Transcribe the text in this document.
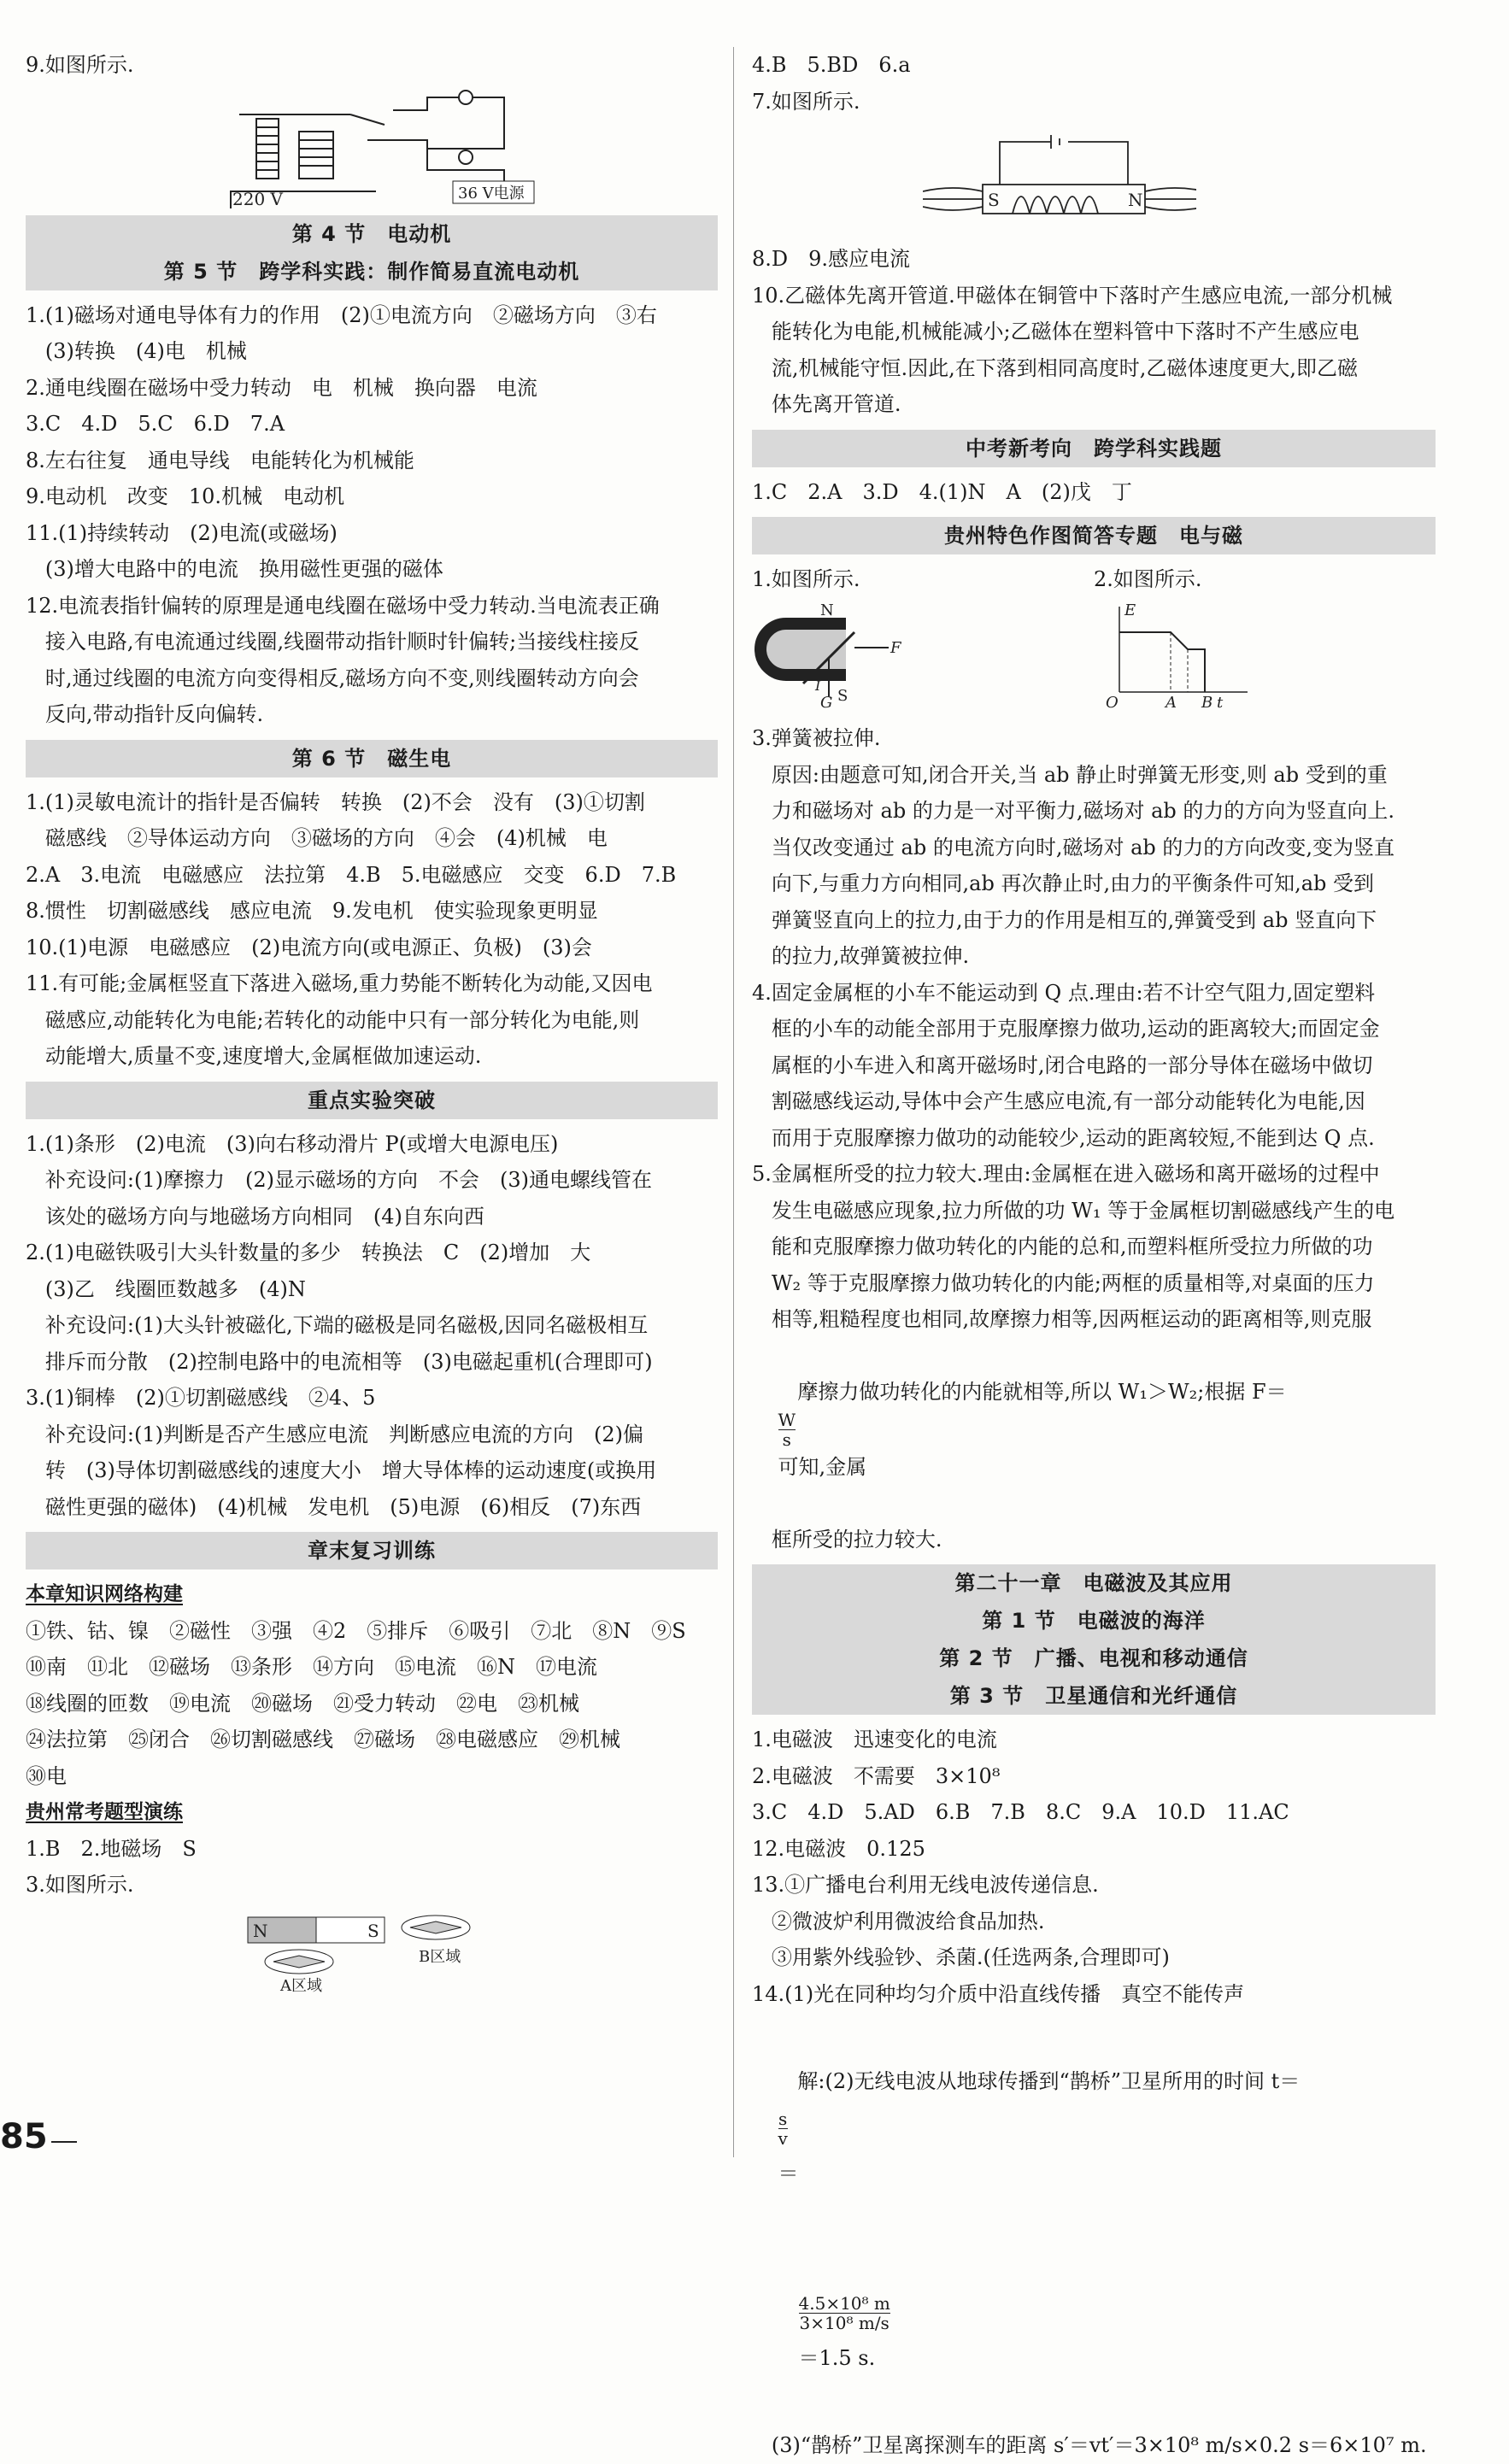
9.如图所示.
220 V	36 V电源
第 4 节　电动机
第 5 节　跨学科实践：制作简易直流电动机
1.(1)磁场对通电导体有力的作用　(2)①电流方向　②磁场方向　③右
(3)转换　(4)电　机械
2.通电线圈在磁场中受力转动　电　机械　换向器　电流
3.C　4.D　5.C　6.D　7.A
8.左右往复　通电导线　电能转化为机械能
9.电动机　改变　10.机械　电动机
11.(1)持续转动　(2)电流(或磁场)
(3)增大电路中的电流　换用磁性更强的磁体
12.电流表指针偏转的原理是通电线圈在磁场中受力转动.当电流表正确
接入电路,有电流通过线圈,线圈带动指针顺时针偏转;当接线柱接反
时,通过线圈的电流方向变得相反,磁场方向不变,则线圈转动方向会
反向,带动指针反向偏转.
第 6 节　磁生电
1.(1)灵敏电流计的指针是否偏转　转换　(2)不会　没有　(3)①切割
磁感线　②导体运动方向　③磁场的方向　④会　(4)机械　电
2.A　3.电流　电磁感应　法拉第　4.B　5.电磁感应　交变　6.D　7.B
8.惯性　切割磁感线　感应电流　9.发电机　使实验现象更明显
10.(1)电源　电磁感应　(2)电流方向(或电源正、负极)　(3)会
11.有可能;金属框竖直下落进入磁场,重力势能不断转化为动能,又因电
磁感应,动能转化为电能;若转化的动能中只有一部分转化为电能,则
动能增大,质量不变,速度增大,金属框做加速运动.
重点实验突破
1.(1)条形　(2)电流　(3)向右移动滑片 P(或增大电源电压)
补充设问:(1)摩擦力　(2)显示磁场的方向　不会　(3)通电螺线管在
该处的磁场方向与地磁场方向相同　(4)自东向西
2.(1)电磁铁吸引大头针数量的多少　转换法　C　(2)增加　大
(3)乙　线圈匝数越多　(4)N
补充设问:(1)大头针被磁化,下端的磁极是同名磁极,因同名磁极相互
排斥而分散　(2)控制电路中的电流相等　(3)电磁起重机(合理即可)
3.(1)铜棒　(2)①切割磁感线　②4、5
补充设问:(1)判断是否产生感应电流　判断感应电流的方向　(2)偏
转　(3)导体切割磁感线的速度大小　增大导体棒的运动速度(或换用
磁性更强的磁体)　(4)机械　发电机　(5)电源　(6)相反　(7)东西
章末复习训练
本章知识网络构建
①铁、钴、镍　②磁性　③强　④2　⑤排斥　⑥吸引　⑦北　⑧N　⑨S
⑩南　⑪北　⑫磁场　⑬条形　⑭方向　⑮电流　⑯N　⑰电流
⑱线圈的匝数　⑲电流　⑳磁场　㉑受力转动　㉒电　㉓机械
㉔法拉第　㉕闭合　㉖切割磁感线　㉗磁场　㉘电磁感应　㉙机械
㉚电
贵州常考题型演练
1.B　2.地磁场　S
3.如图所示.
N	S
B区域
A区域
4.B　5.BD　6.a
7.如图所示.
S	N
8.D　9.感应电流
10.乙磁体先离开管道.甲磁体在铜管中下落时产生感应电流,一部分机械
能转化为电能,机械能减小;乙磁体在塑料管中下落时不产生感应电
流,机械能守恒.因此,在下落到相同高度时,乙磁体速度更大,即乙磁
体先离开管道.
中考新考向　跨学科实践题
1.C　2.A　3.D　4.(1)N　A　(2)戊　丁
贵州特色作图简答专题　电与磁
1.如图所示.
N
S
F
G
I
2.如图所示.
E
O	A B t
3.弹簧被拉伸.
原因:由题意可知,闭合开关,当 ab 静止时弹簧无形变,则 ab 受到的重
力和磁场对 ab 的力是一对平衡力,磁场对 ab 的力的方向为竖直向上.
当仅改变通过 ab 的电流方向时,磁场对 ab 的力的方向改变,变为竖直
向下,与重力方向相同,ab 再次静止时,由力的平衡条件可知,ab 受到
弹簧竖直向上的拉力,由于力的作用是相互的,弹簧受到 ab 竖直向下
的拉力,故弹簧被拉伸.
4.固定金属框的小车不能运动到 Q 点.理由:若不计空气阻力,固定塑料
框的小车的动能全部用于克服摩擦力做功,运动的距离较大;而固定金
属框的小车进入和离开磁场时,闭合电路的一部分导体在磁场中做切
割磁感线运动,导体中会产生感应电流,有一部分动能转化为电能,因
而用于克服摩擦力做功的动能较少,运动的距离较短,不能到达 Q 点.
5.金属框所受的拉力较大.理由:金属框在进入磁场和离开磁场的过程中
发生电磁感应现象,拉力所做的功 W₁ 等于金属框切割磁感线产生的电
能和克服摩擦力做功转化的内能的总和,而塑料框所受拉力所做的功
W₂ 等于克服摩擦力做功转化的内能;两框的质量相等,对桌面的压力
相等,粗糙程度也相同,故摩擦力相等,因两框运动的距离相等,则克服

摩擦力做功转化的内能就相等,所以 W₁＞W₂;根据 F＝

$\frac{W}{s}$

可知,金属

框所受的拉力较大.
第二十一章　电磁波及其应用
第 1 节　电磁波的海洋
第 2 节　广播、电视和移动通信
第 3 节　卫星通信和光纤通信
1.电磁波　迅速变化的电流
2.电磁波　不需要　3×10⁸
3.C　4.D　5.AD　6.B　7.B　8.C　9.A　10.D　11.AC
12.电磁波　0.125
13.①广播电台利用无线电波传递信息.
②微波炉利用微波给食品加热.
③用紫外线验钞、杀菌.(任选两条,合理即可)
14.(1)光在同种均匀介质中沿直线传播　真空不能传声

解:(2)无线电波从地球传播到“鹊桥”卫星所用的时间 t＝

$\frac{s}{v}$

＝

$\frac{\text{4.5×10⁸ m}}{\text{3×10⁸ m/s}}$

＝1.5 s.

(3)“鹊桥”卫星离探测车的距离 s′＝vt′＝3×10⁸ m/s×0.2 s＝6×10⁷ m.
85
